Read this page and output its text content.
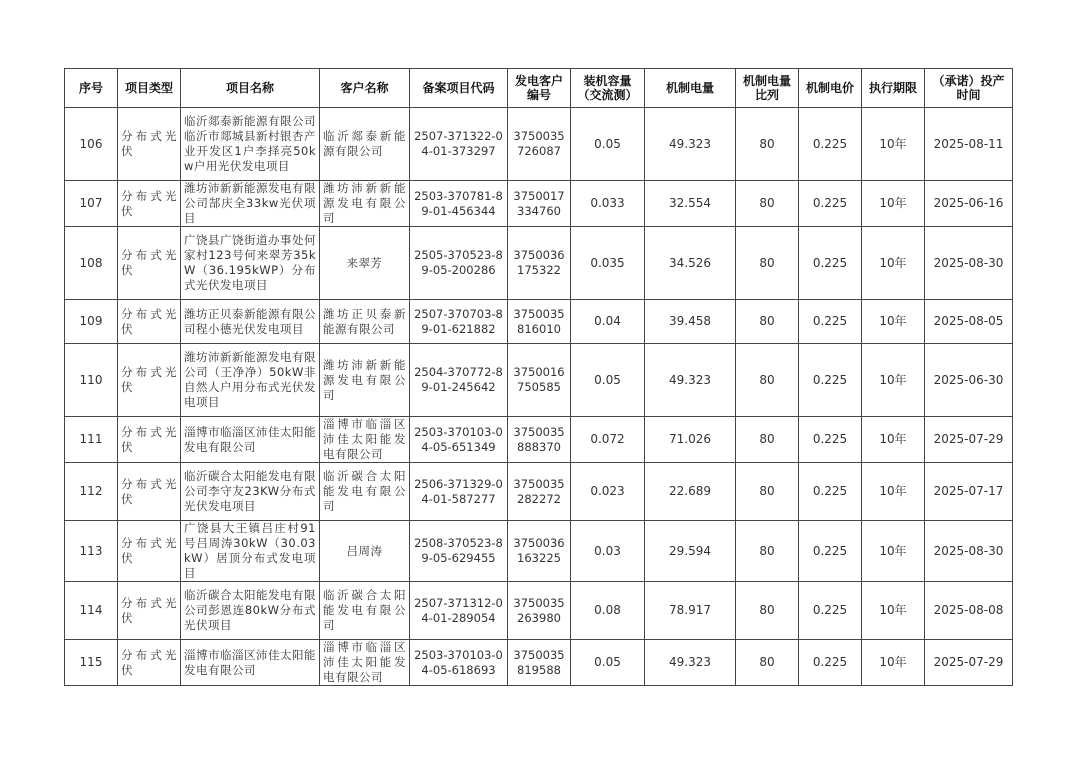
序号	项目类型	项目名称	客户名称	备案项目代码	发电客户编号	装机容量（交流测）	机制电量	机制电量比列	机制电价	执行期限	（承诺）投产时间
106	分布式光伏	临沂郯泰新能源有限公司临沂市郯城县新村银杏产业开发区1户李择亮50kw户用光伏发电项目	临沂郯泰新能源有限公司	2507-371322-04-01-373297	3750035726087	0.05	49.323	80	0.225	10年	2025-08-11
107	分布式光伏	潍坊沛新新能源发电有限公司郜庆全33kw光伏项目	潍坊沛新新能源发电有限公司	2503-370781-89-01-456344	3750017334760	0.033	32.554	80	0.225	10年	2025-06-16
108	分布式光伏	广饶县广饶街道办事处何家村123号何来翠芳35kW（36.195kWP）分布式光伏发电项目	来翠芳	2505-370523-89-05-200286	3750036175322	0.035	34.526	80	0.225	10年	2025-08-30
109	分布式光伏	潍坊正贝泰新能源有限公司程小德光伏发电项目	潍坊正贝泰新能源有限公司	2507-370703-89-01-621882	3750035816010	0.04	39.458	80	0.225	10年	2025-08-05
110	分布式光伏	潍坊沛新新能源发电有限公司（王净净）50kW非自然人户用分布式光伏发电项目	潍坊沛新新能源发电有限公司	2504-370772-89-01-245642	3750016750585	0.05	49.323	80	0.225	10年	2025-06-30
111	分布式光伏	淄博市临淄区沛佳太阳能发电有限公司	淄博市临淄区沛佳太阳能发电有限公司	2503-370103-04-05-651349	3750035888370	0.072	71.026	80	0.225	10年	2025-07-29
112	分布式光伏	临沂碳合太阳能发电有限公司李守友23KW分布式光伏发电项目	临沂碳合太阳能发电有限公司	2506-371329-04-01-587277	3750035282272	0.023	22.689	80	0.225	10年	2025-07-17
113	分布式光伏	广饶县大王镇吕庄村91号吕周涛30kW（30.03kW）居顶分布式发电项目	吕周涛	2508-370523-89-05-629455	3750036163225	0.03	29.594	80	0.225	10年	2025-08-30
114	分布式光伏	临沂碳合太阳能发电有限公司彭恩连80kW分布式光伏项目	临沂碳合太阳能发电有限公司	2507-371312-04-01-289054	3750035263980	0.08	78.917	80	0.225	10年	2025-08-08
115	分布式光伏	淄博市临淄区沛佳太阳能发电有限公司	淄博市临淄区沛佳太阳能发电有限公司	2503-370103-04-05-618693	3750035819588	0.05	49.323	80	0.225	10年	2025-07-29
